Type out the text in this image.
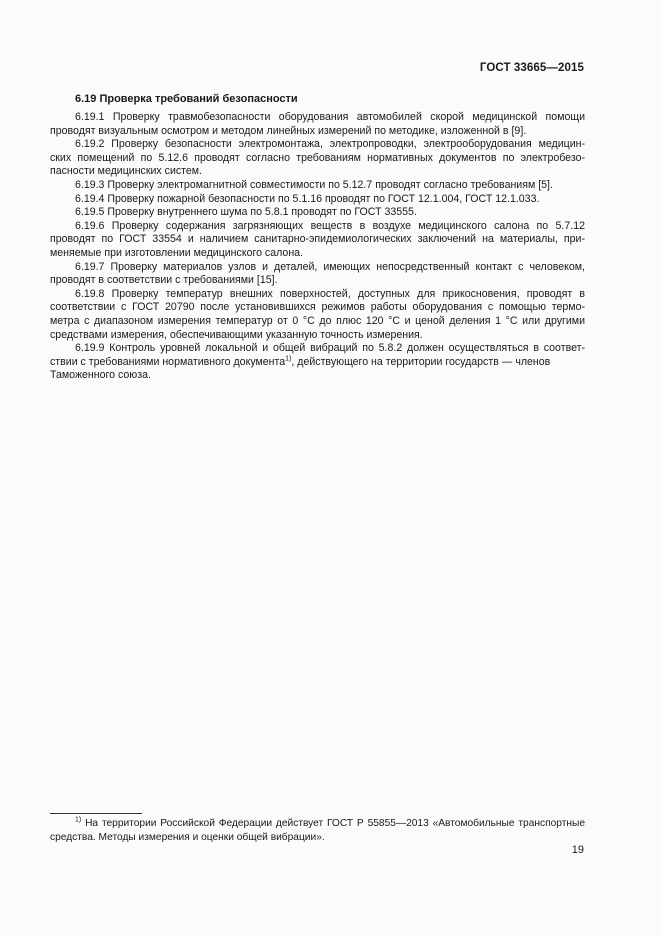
ГОСТ 33665—2015
6.19 Проверка требований безопасности
6.19.1 Проверку травмобезопасности оборудования автомобилей скорой медицинской помощи
проводят визуальным осмотром и методом линейных измерений по методике, изложенной в [9].
6.19.2 Проверку безопасности электромонтажа, электропроводки, электрооборудования медицин-
ских помещений по 5.12.6 проводят согласно требованиям нормативных документов по электробезо-
пасности медицинских систем.
6.19.3 Проверку электромагнитной совместимости по 5.12.7 проводят согласно требованиям [5].
6.19.4 Проверку пожарной безопасности по 5.1.16 проводят по ГОСТ 12.1.004, ГОСТ 12.1.033.
6.19.5 Проверку внутреннего шума по 5.8.1 проводят по ГОСТ 33555.
6.19.6 Проверку содержания загрязняющих веществ в воздухе медицинского салона по 5.7.12
проводят по ГОСТ 33554 и наличием санитарно-эпидемиологических заключений на материалы, при-
меняемые при изготовлении медицинского салона.
6.19.7 Проверку материалов узлов и деталей, имеющих непосредственный контакт с человеком,
проводят в соответствии с требованиями [15].
6.19.8 Проверку температур внешних поверхностей, доступных для прикосновения, проводят в
соответствии с ГОСТ 20790 после установившихся режимов работы оборудования с помощью термо-
метра с диапазоном измерения температур от 0 °С до плюс 120 °С и ценой деления 1 °С или другими
средствами измерения, обеспечивающими указанную точность измерения.
6.19.9 Контроль уровней локальной и общей вибраций по 5.8.2 должен осуществляться в соответ-
ствии с требованиями нормативного документа$^{1)}$, действующего на территории государств — членов
Таможенного союза.
$^{1)}$ На территории Российской Федерации действует ГОСТ Р 55855—2013 «Автомобильные транспортные
средства. Методы измерения и оценки общей вибрации».
19
